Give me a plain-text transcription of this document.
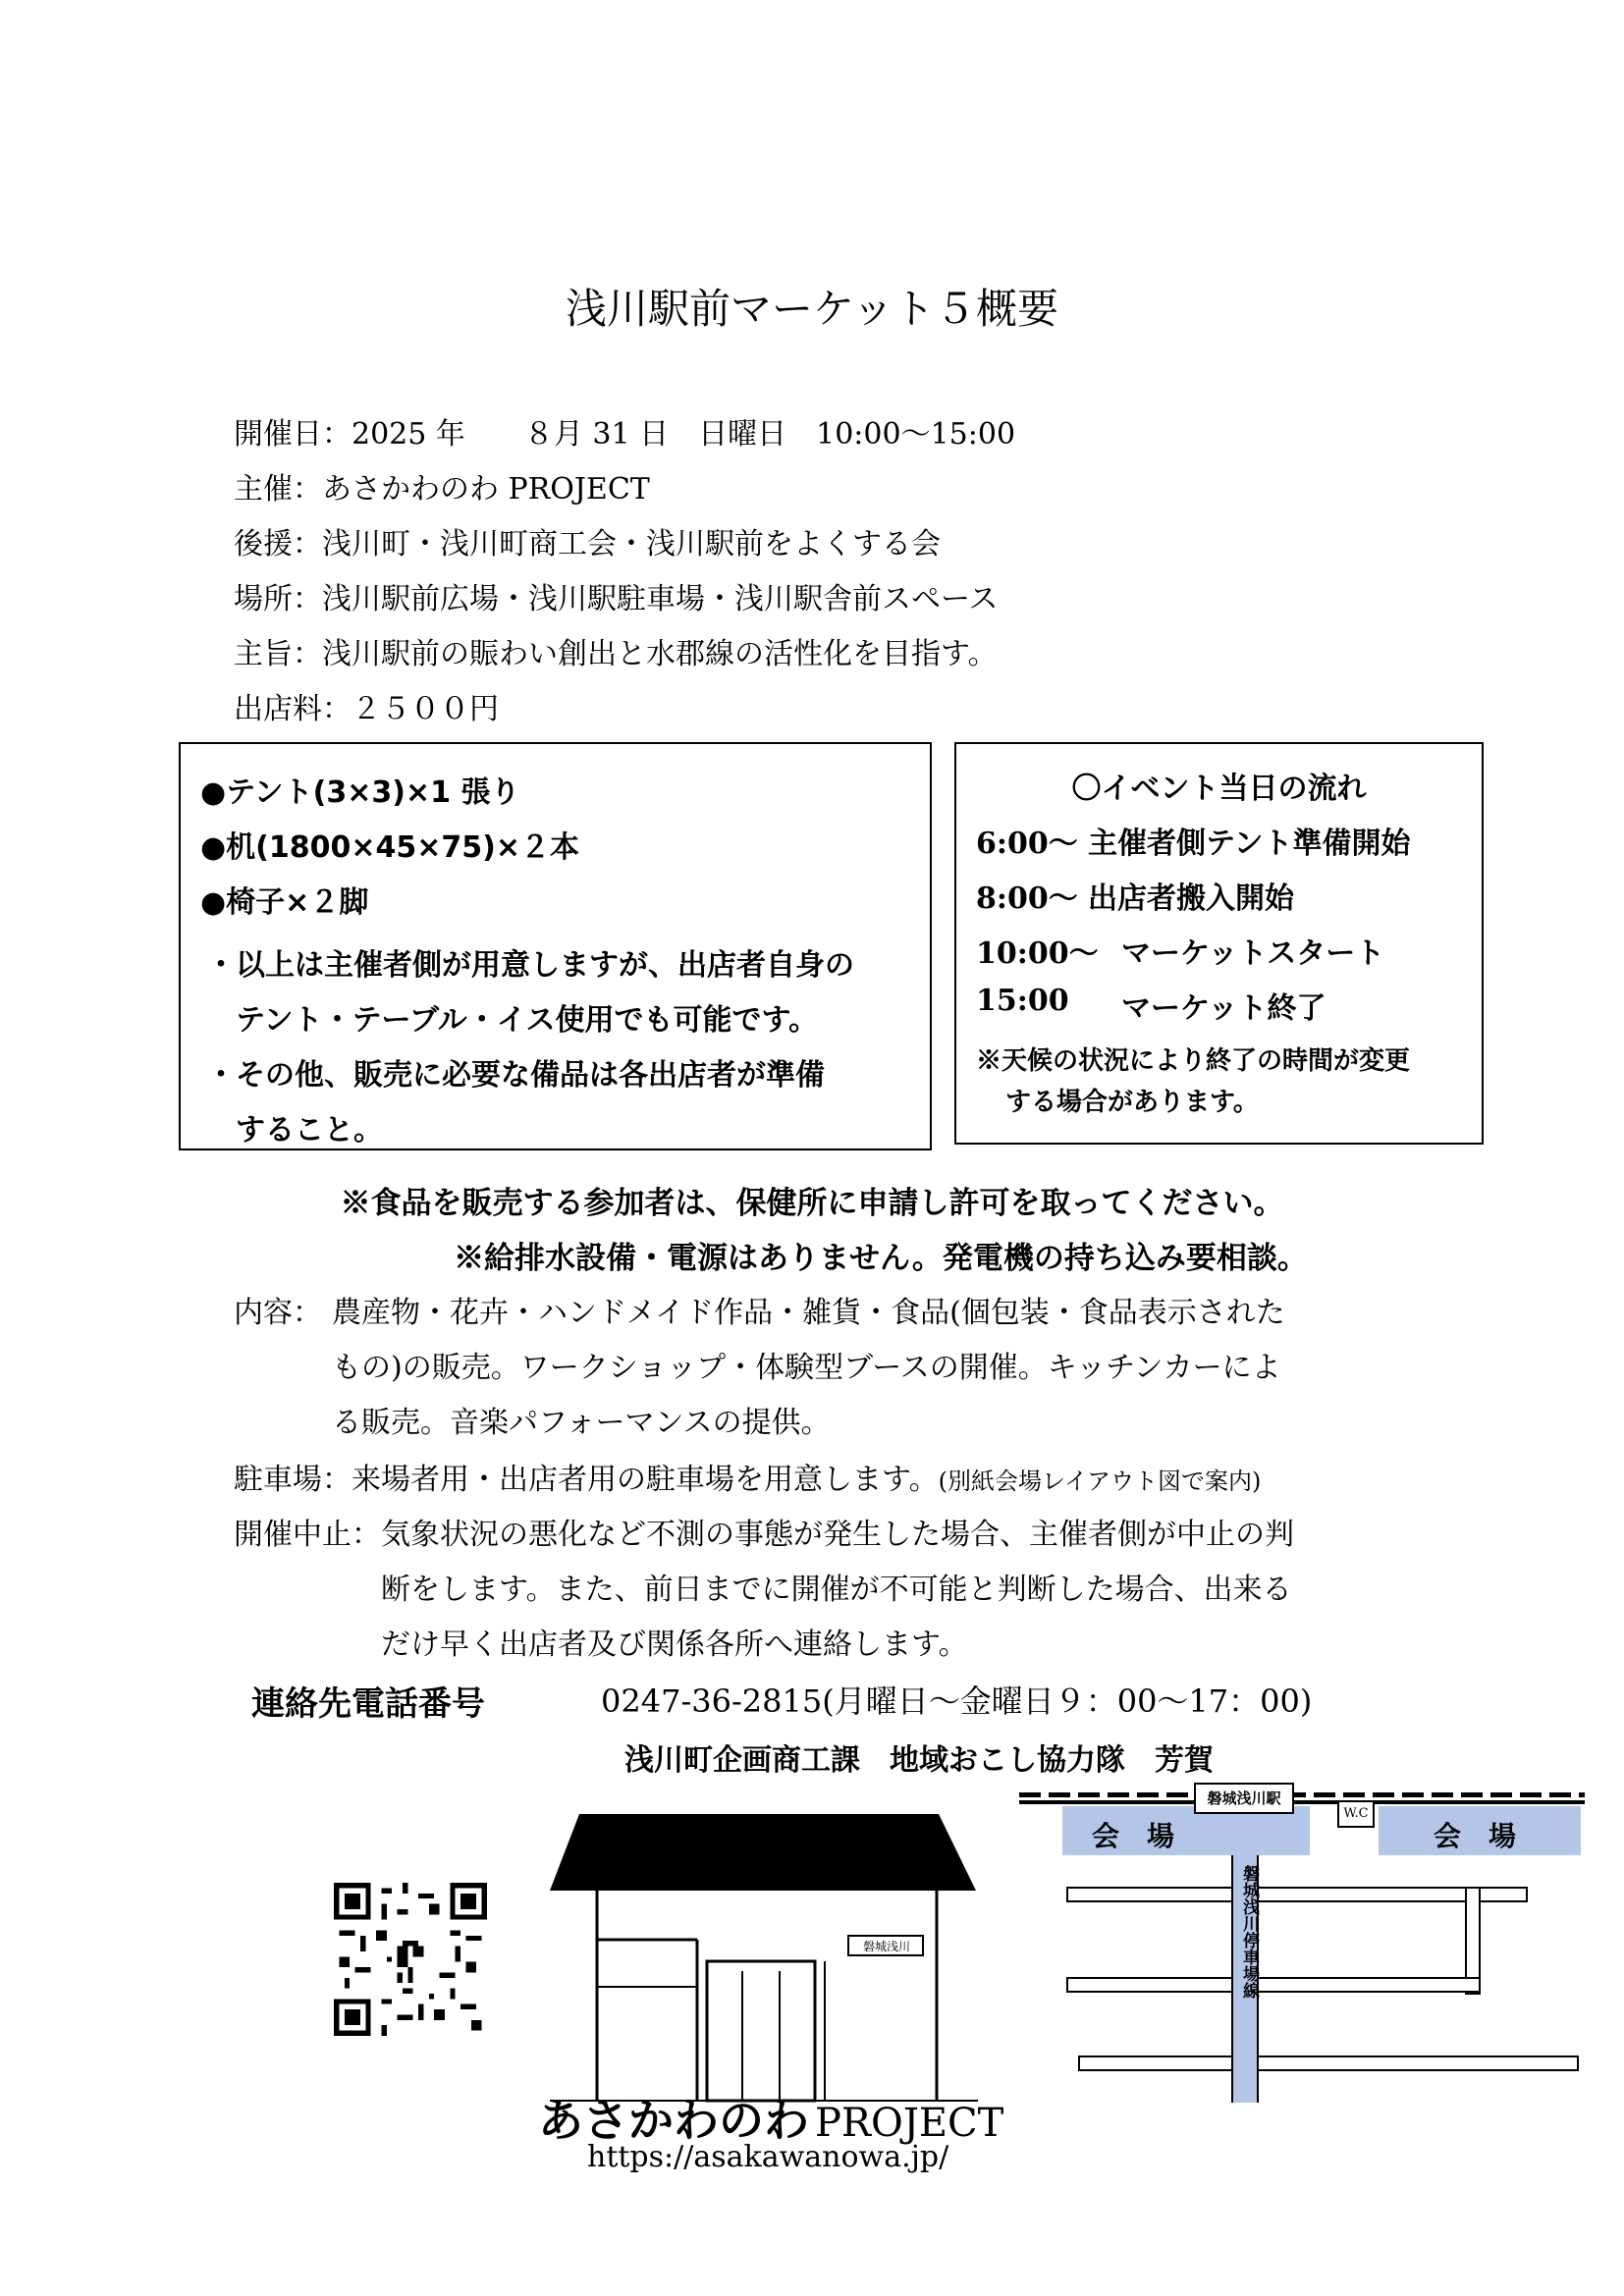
浅川駅前マーケット５概要
開催日：2025 年　　８月 31 日　日曜日　10:00～15:00
主催：あさかわのわ PROJECT
後援：浅川町・浅川町商工会・浅川駅前をよくする会
場所：浅川駅前広場・浅川駅駐車場・浅川駅舎前スペース
主旨：浅川駅前の賑わい創出と水郡線の活性化を目指す。
出店料：２５００円
●テント(3×3)×1 張り
●机(1800×45×75)×２本
●椅子×２脚
・以上は主催者側が用意しますが、出店者自身の
　テント・テーブル・イス使用でも可能です。
・その他、販売に必要な備品は各出店者が準備
　すること。
〇イベント当日の流れ
6:00～ 主催者側テント準備開始
8:00～ 出店者搬入開始
10:00～ マーケットスタート
15:00 マーケット終了
※天候の状況により終了の時間が変更
する場合があります。
※食品を販売する参加者は、保健所に申請し許可を取ってください。
※給排水設備・電源はありません。発電機の持ち込み要相談。
内容： 農産物・花卉・ハンドメイド作品・雑貨・食品(個包装・食品表示された
もの)の販売。ワークショップ・体験型ブースの開催。キッチンカーによ
る販売。音楽パフォーマンスの提供。
駐車場：来場者用・出店者用の駐車場を用意します。(別紙会場レイアウト図で案内)
開催中止： 気象状況の悪化など不測の事態が発生した場合、主催者側が中止の判
断をします。また、前日までに開催が不可能と判断した場合、出来る
だけ早く出店者及び関係各所へ連絡します。
連絡先電話番号	0247-36-2815(月曜日～金曜日９：00～17：00)
浅川町企画商工課　地域おこし協力隊　芳賀
磐城浅川
あさかわのわ PROJECT
https://asakawanowa.jp/
会　場	会　場
磐城浅川駅
W.C
磐城浅川停車場線
